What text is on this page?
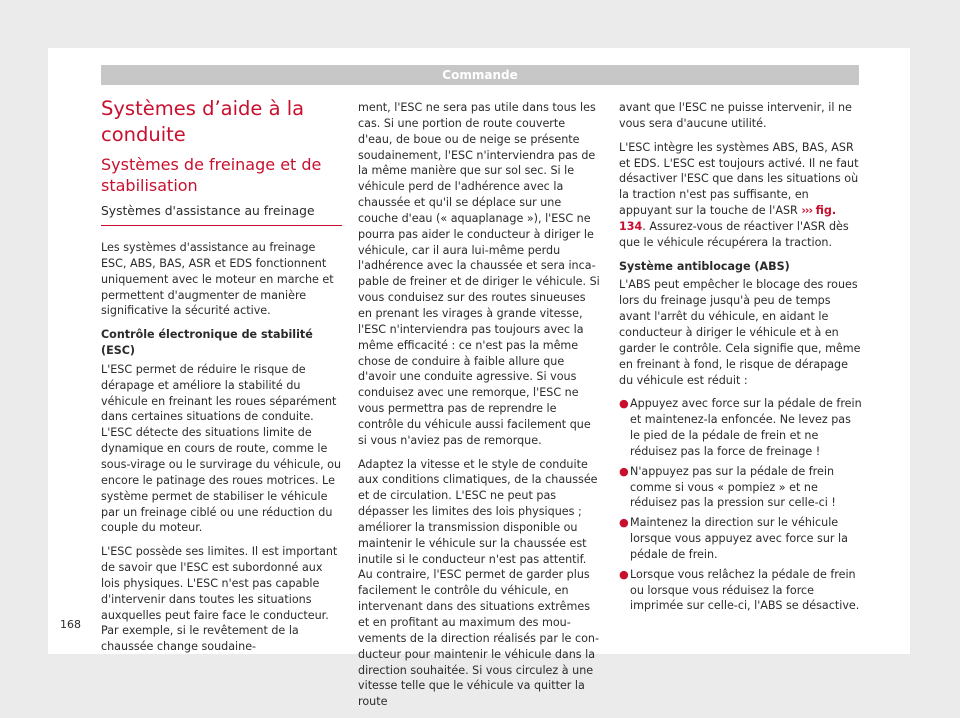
Commande
Systèmes d’aide à la conduite
Systèmes de freinage et de stabilisation
Systèmes d'assistance au freinage

Les systèmes d'assistance au freinage ESC, ABS, BAS, ASR et EDS fonctionnent uniquement avec le moteur en marche et permettent d'augmenter de manière significative la sécurité active.

Contrôle électronique de stabilité (ESC)

L'ESC permet de réduire le risque de dérapage et améliore la stabilité du véhicule en freinant les roues séparément dans certaines situations de conduite. L'ESC détecte des situations limite de dynamique en cours de route, comme le sous-virage ou le survirage du véhicule, ou encore le patinage des roues motrices. Le système permet de stabiliser le véhicule par un freinage ciblé ou une réduction du couple du moteur.

L'ESC possède ses limites. Il est important de savoir que l'ESC est subordonné aux lois physiques. L'ESC n'est pas capable d'intervenir dans toutes les situations auxquelles peut faire face le conducteur. Par exemple, si le revêtement de la chaussée change soudaine-

ment, l'ESC ne sera pas utile dans tous les cas. Si une portion de route couverte d'eau, de boue ou de neige se présente soudainement, l'ESC n'interviendra pas de la même manière que sur sol sec. Si le véhicule perd de l'adhérence avec la chaussée et qu'il se déplace sur une couche d'eau (« aquaplanage »), l'ESC ne pourra pas aider le conducteur à diriger le véhicule, car il aura lui-même perdu l'adhérence avec la chaussée et sera incapable de freiner et de diriger le véhicule. Si vous conduisez sur des routes sinueuses en prenant les virages à grande vitesse, l'ESC n'interviendra pas toujours avec la même efficacité : ce n'est pas la même chose de conduire à faible allure que d'avoir une conduite agressive. Si vous conduisez avec une remorque, l'ESC ne vous permettra pas de reprendre le contrôle du véhicule aussi facilement que si vous n'aviez pas de remorque.

Adaptez la vitesse et le style de conduite aux conditions climatiques, de la chaussée et de circulation. L'ESC ne peut pas dépasser les limites des lois physiques ; améliorer la transmission disponible ou maintenir le véhicule sur la chaussée est inutile si le conducteur n'est pas attentif. Au contraire, l'ESC permet de garder plus facilement le contrôle du véhicule, en intervenant dans des situations extrêmes et en profitant au maximum des mouvements de la direction réalisés par le conducteur pour maintenir le véhicule dans la direction souhaitée. Si vous circulez à une vitesse telle que le véhicule va quitter la route

avant que l'ESC ne puisse intervenir, il ne vous sera d'aucune utilité.

L'ESC intègre les systèmes ABS, BAS, ASR et EDS. L'ESC est toujours activé. Il ne faut désactiver l'ESC que dans les situations où la traction n'est pas suffisante, en appuyant sur la touche de l'ASR ››› fig. 134. Assurez-vous de réactiver l'ASR dès que le véhicule récupérera la traction.

Système antiblocage (ABS)

L'ABS peut empêcher le blocage des roues lors du freinage jusqu'à peu de temps avant l'arrêt du véhicule, en aidant le conducteur à diriger le véhicule et à en garder le contrôle. Cela signifie que, même en freinant à fond, le risque de dérapage du véhicule est réduit :

● Appuyez avec force sur la pédale de frein et maintenez-la enfoncée. Ne levez pas le pied de la pédale de frein et ne réduisez pas la force de freinage !

● N'appuyez pas sur la pédale de frein comme si vous « pompiez » et ne réduisez pas la pression sur celle-ci !

● Maintenez la direction sur le véhicule lorsque vous appuyez avec force sur la pédale de frein.

● Lorsque vous relâchez la pédale de frein ou lorsque vous réduisez la force imprimée sur celle-ci, l'ABS se désactive.

168
